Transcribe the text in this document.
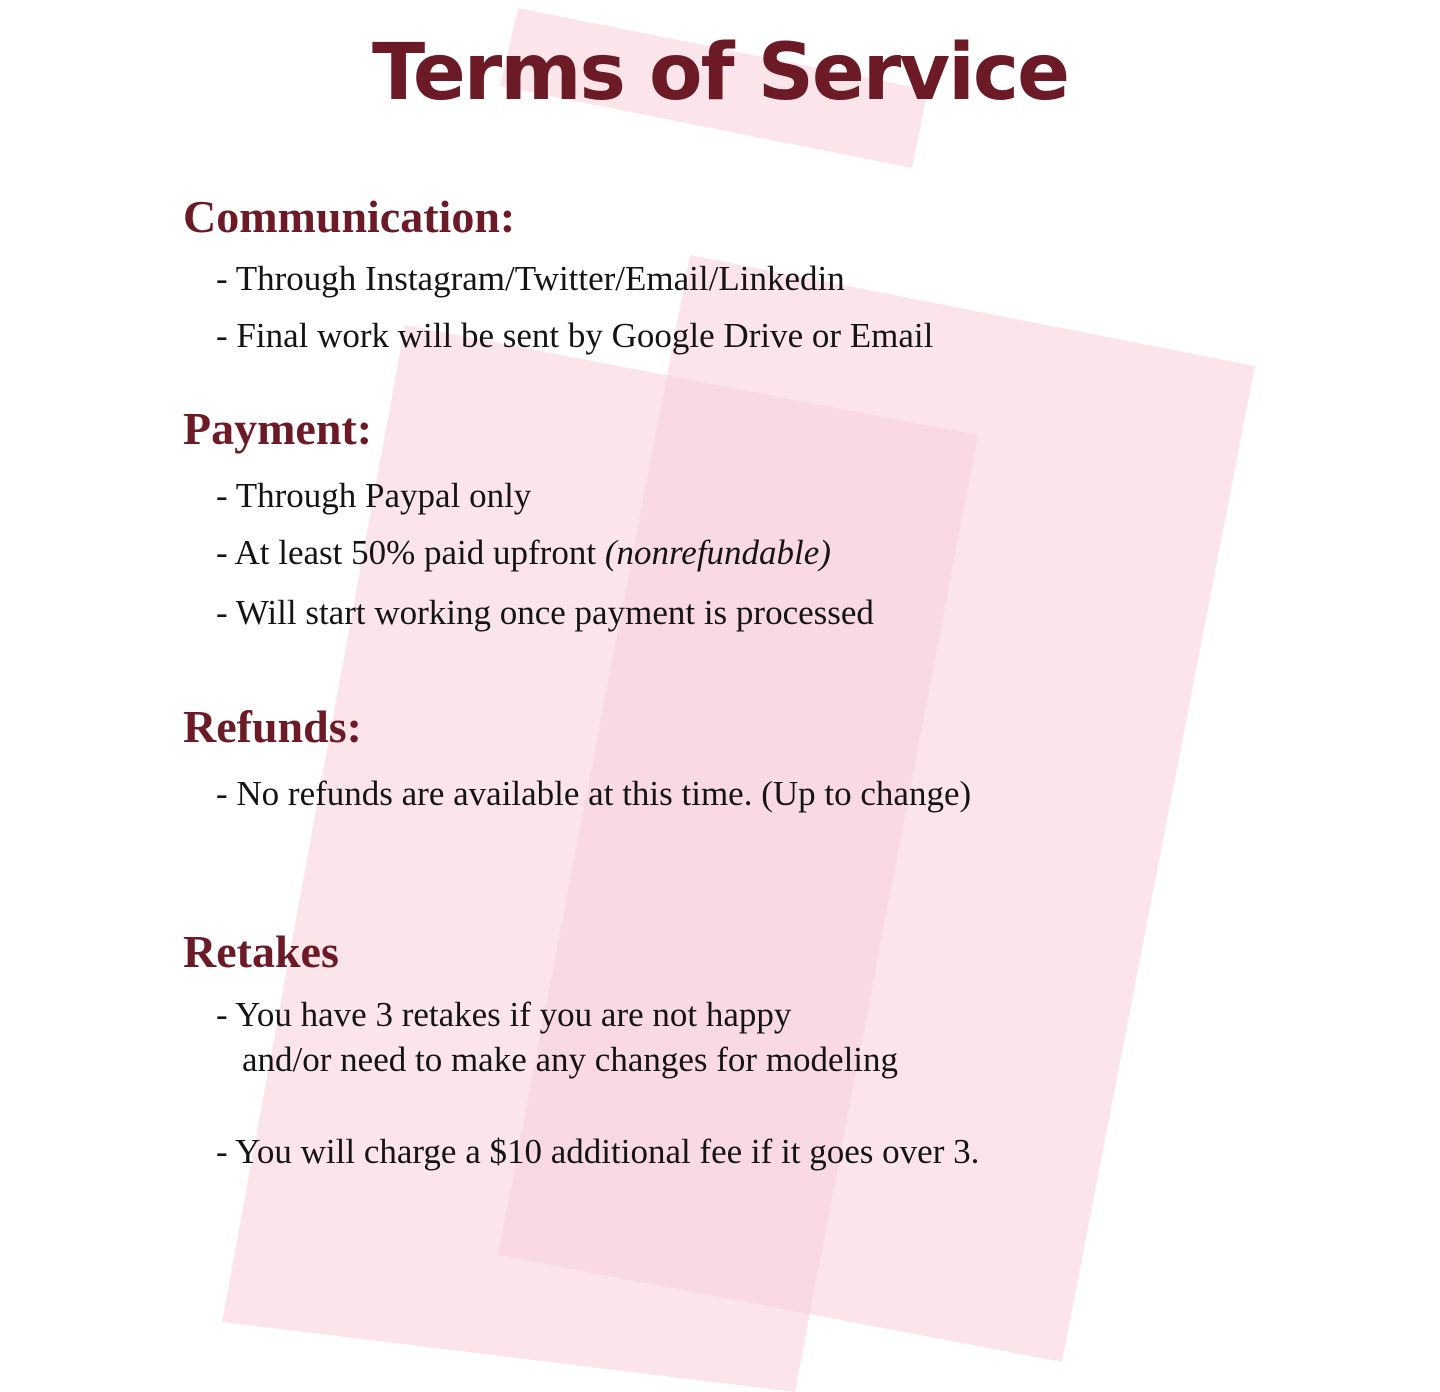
Terms of Service
Communication:

- Through Instagram/Twitter/Email/Linkedin

- Final work will be sent by Google Drive or Email

Payment:

- Through Paypal only

- At least 50% paid upfront (nonrefundable)

- Will start working once payment is processed

Refunds:

- No refunds are available at this time. (Up to change)

Retakes

- You have 3 retakes if you are not happy
and/or need to make any changes for modeling

- You will charge a $10 additional fee if it goes over 3.
